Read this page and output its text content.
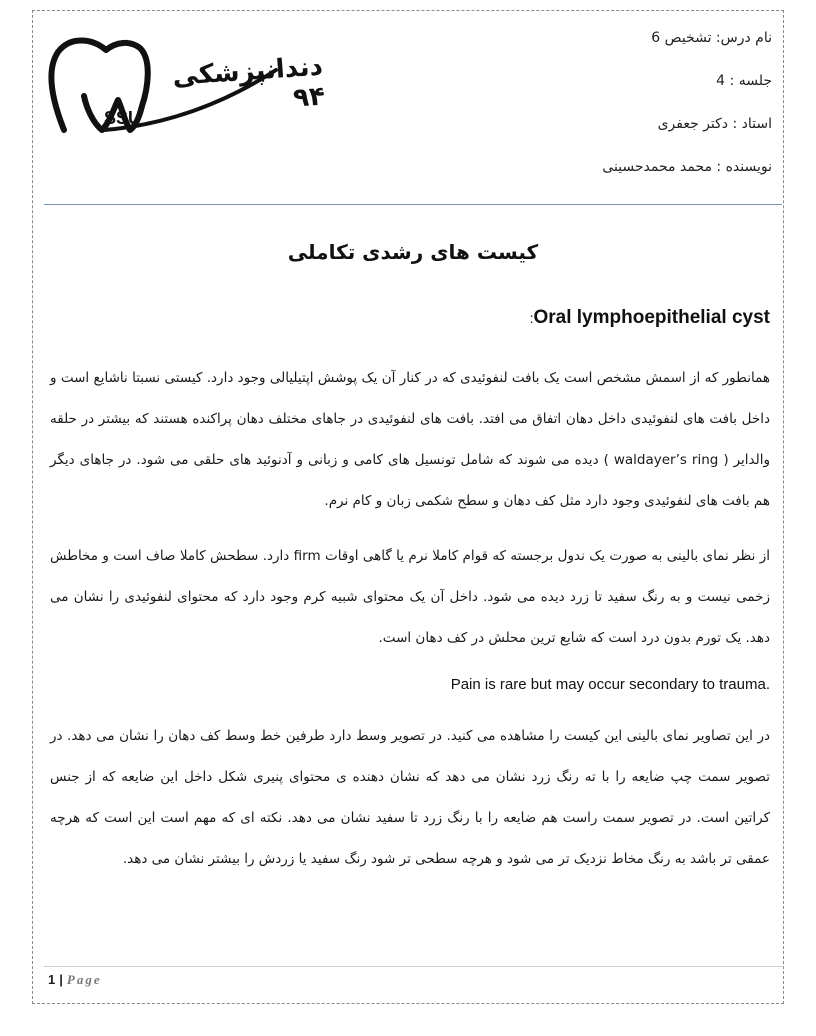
دندانپزشکی ۹۴
SSU
نام درس: تشخیص 6
جلسه : 4
استاد : دکتر جعفری
نویسنده : محمد محمدحسینی
کیست های رشدی تکاملی
:Oral lymphoepithelial cyst
همانطور که از اسمش مشخص است یک بافت لنفوئیدی که در کنار آن یک پوشش اپتیلیالی وجود دارد. کیستی نسبتا ناشایع است و داخل بافت های لنفوئیدی داخل دهان اتفاق می افتد. بافت های لنفوئیدی در جاهای مختلف دهان پراکنده هستند که بیشتر در حلقه والدایر ( waldayer’s ring ) دیده می شوند که شامل تونسیل های کامی و زبانی و آدنوئید های حلقی می شود. در جاهای دیگر هم بافت های لنفوئیدی وجود دارد مثل کف دهان و سطح شکمی زبان و کام نرم.
از نظر نمای بالینی به صورت یک ندول برجسته که قوام کاملا نرم یا گاهی اوقات firm دارد. سطحش کاملا صاف است و مخاطش زخمی نیست و به رنگ سفید تا زرد دیده می شود. داخل آن یک محتوای شبیه کرم وجود دارد که محتوای لنفوئیدی را نشان می دهد. یک تورم بدون درد است که شایع ترین محلش در کف دهان است.
Pain is rare but may occur secondary to trauma.
در این تصاویر نمای بالینی این کیست را مشاهده می کنید. در تصویر وسط دارد طرفین خط وسط کف دهان را نشان می دهد. در تصویر سمت چپ ضایعه را با ته رنگ زرد نشان می دهد که نشان دهنده ی محتوای پنیری شکل داخل این ضایعه که از جنس کراتین است. در تصویر سمت راست هم ضایعه را با رنگ زرد تا سفید نشان می دهد. نکته ای که مهم است این است که هرچه عمقی تر باشد به رنگ مخاط نزدیک تر می شود و هرچه سطحی تر شود رنگ سفید یا زردش را بیشتر نشان می دهد.
1 | Page
